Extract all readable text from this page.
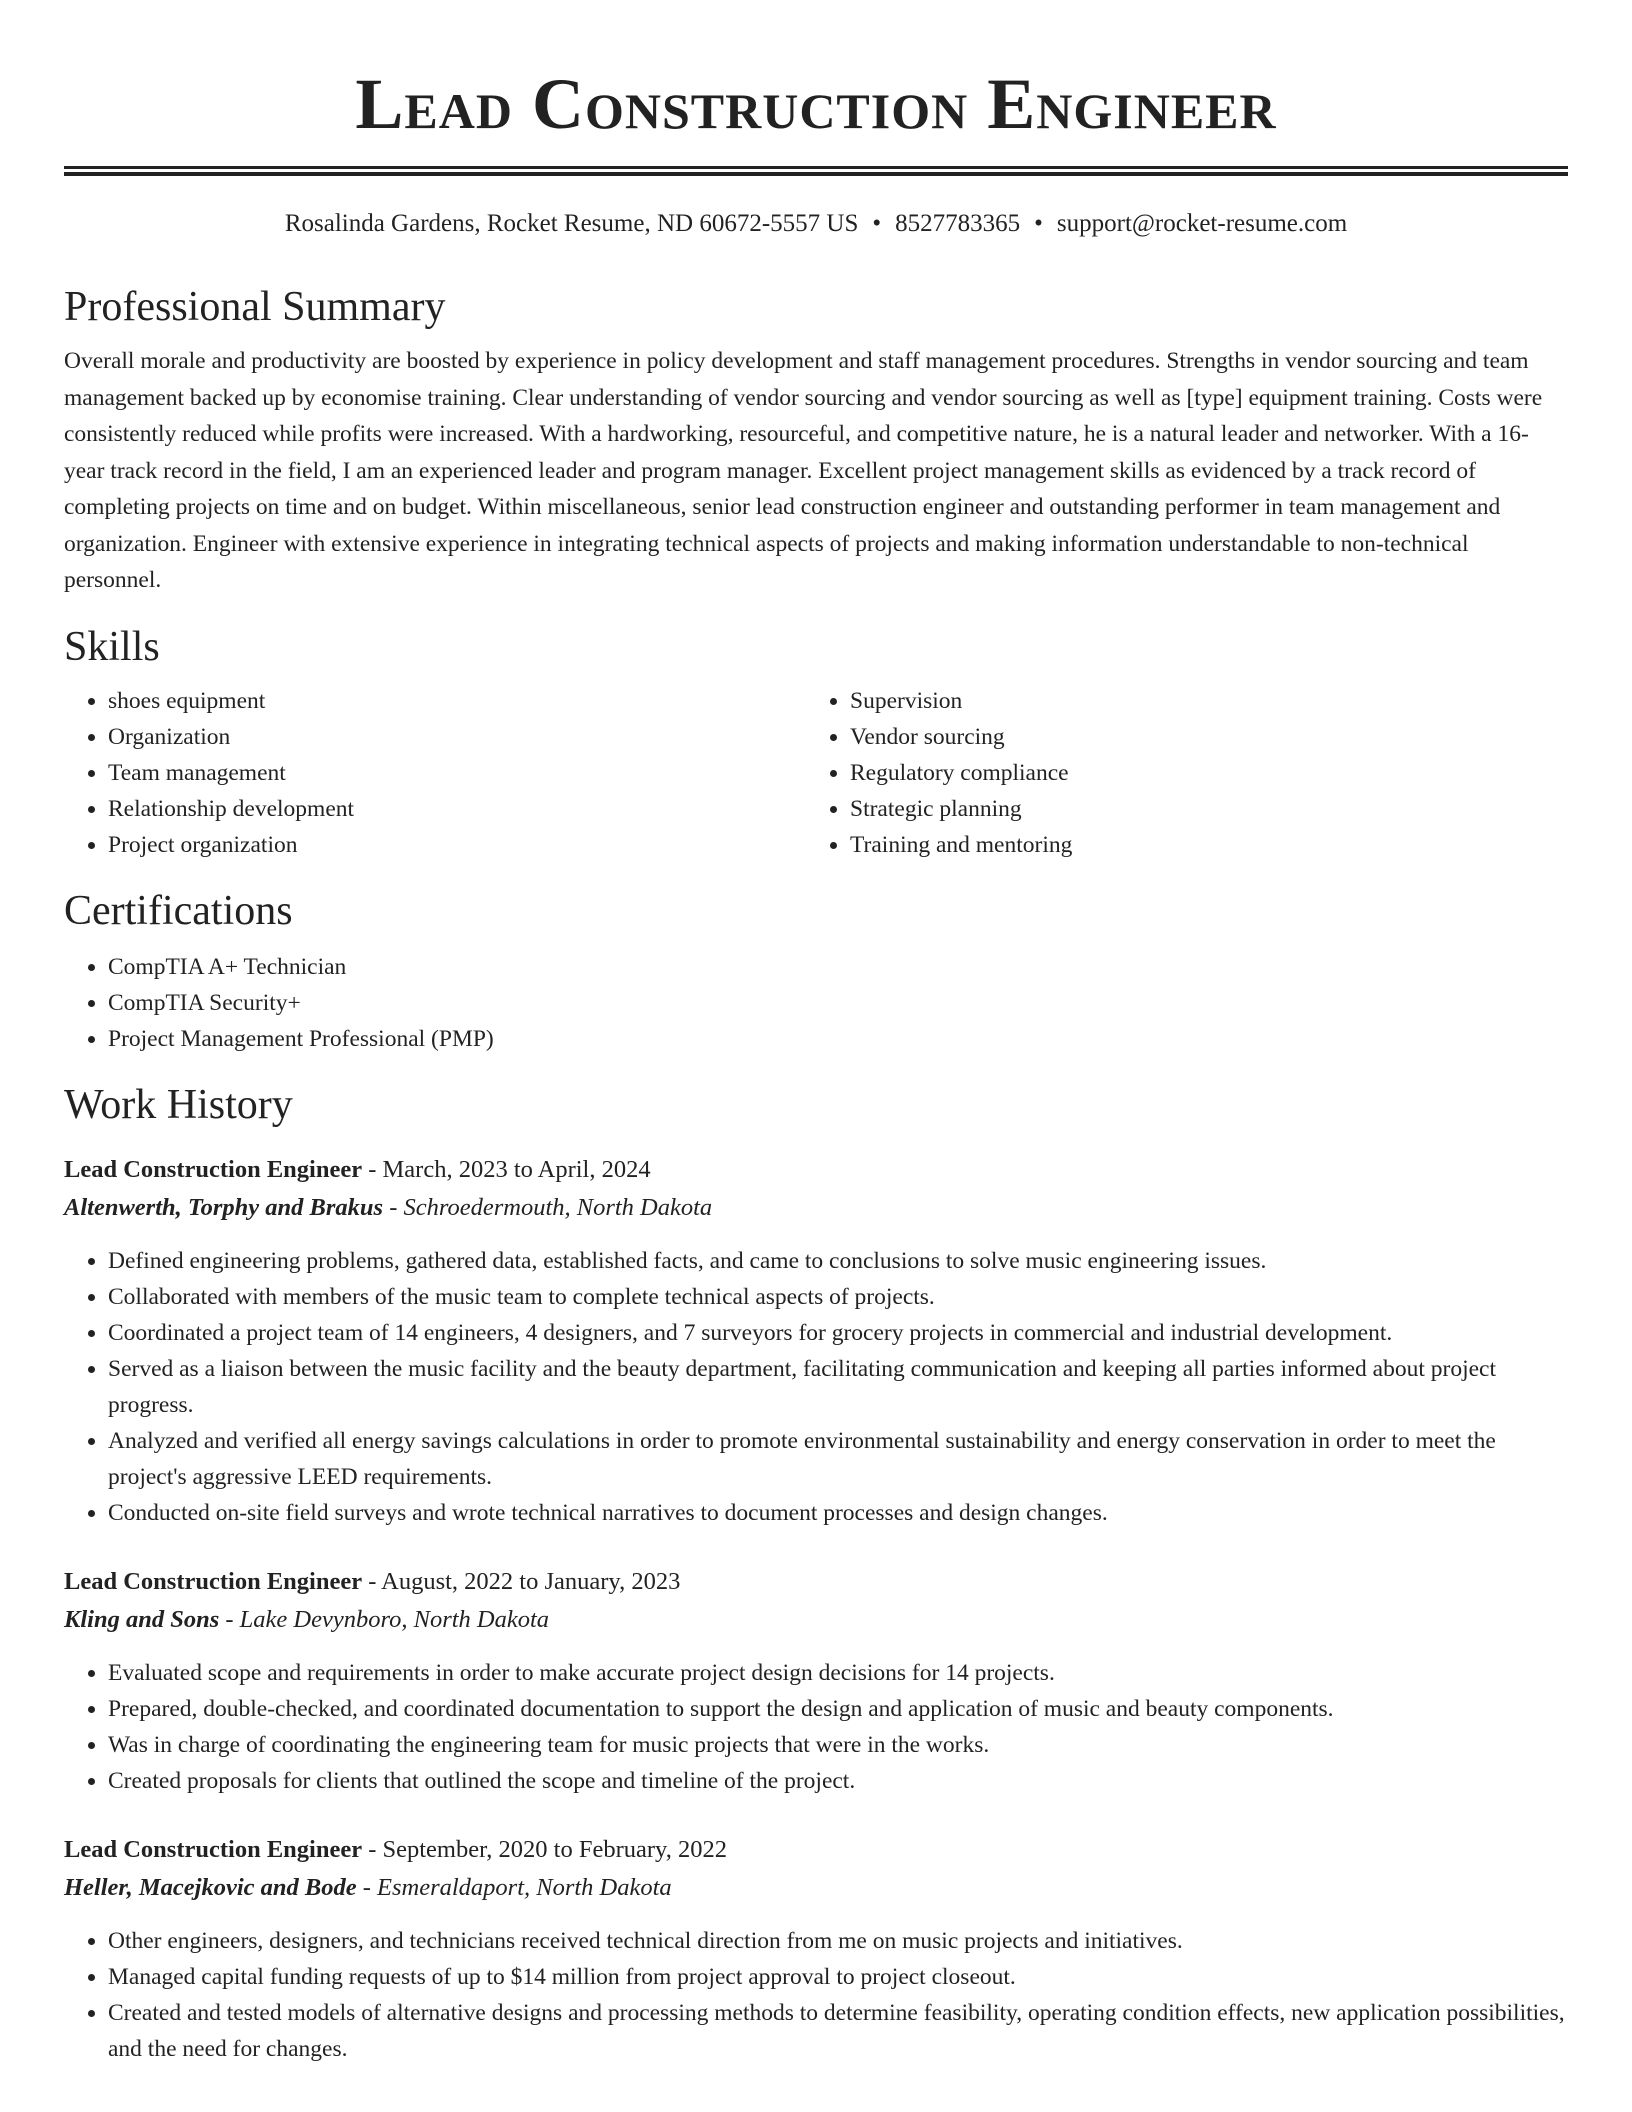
Lead Construction Engineer
Rosalinda Gardens, Rocket Resume, ND 60672-5557 US • 8527783365 • support@rocket-resume.com
Professional Summary

Overall morale and productivity are boosted by experience in policy development and staff management procedures. Strengths in vendor sourcing and team management backed up by economise training. Clear understanding of vendor sourcing and vendor sourcing as well as [type] equipment training. Costs were consistently reduced while profits were increased. With a hardworking, resourceful, and competitive nature, he is a natural leader and networker. With a 16-year track record in the field, I am an experienced leader and program manager. Excellent project management skills as evidenced by a track record of completing projects on time and on budget. Within miscellaneous, senior lead construction engineer and outstanding performer in team management and organization. Engineer with extensive experience in integrating technical aspects of projects and making information understandable to non-technical personnel.

Skills
• shoes equipment
• Organization
• Team management
• Relationship development
• Project organization
• Supervision
• Vendor sourcing
• Regulatory compliance
• Strategic planning
• Training and mentoring
Certifications
• CompTIA A+ Technician
• CompTIA Security+
• Project Management Professional (PMP)
Work History
Lead Construction Engineer - March, 2023 to April, 2024
Altenwerth, Torphy and Brakus - Schroedermouth, North Dakota
• Defined engineering problems, gathered data, established facts, and came to conclusions to solve music engineering issues.
• Collaborated with members of the music team to complete technical aspects of projects.
• Coordinated a project team of 14 engineers, 4 designers, and 7 surveyors for grocery projects in commercial and industrial development.
• Served as a liaison between the music facility and the beauty department, facilitating communication and keeping all parties informed about project progress.
• Analyzed and verified all energy savings calculations in order to promote environmental sustainability and energy conservation in order to meet the project's aggressive LEED requirements.
• Conducted on-site field surveys and wrote technical narratives to document processes and design changes.
Lead Construction Engineer - August, 2022 to January, 2023
Kling and Sons - Lake Devynboro, North Dakota
• Evaluated scope and requirements in order to make accurate project design decisions for 14 projects.
• Prepared, double-checked, and coordinated documentation to support the design and application of music and beauty components.
• Was in charge of coordinating the engineering team for music projects that were in the works.
• Created proposals for clients that outlined the scope and timeline of the project.
Lead Construction Engineer - September, 2020 to February, 2022
Heller, Macejkovic and Bode - Esmeraldaport, North Dakota
• Other engineers, designers, and technicians received technical direction from me on music projects and initiatives.
• Managed capital funding requests of up to $14 million from project approval to project closeout.
• Created and tested models of alternative designs and processing methods to determine feasibility, operating condition effects, new application possibilities, and the need for changes.
